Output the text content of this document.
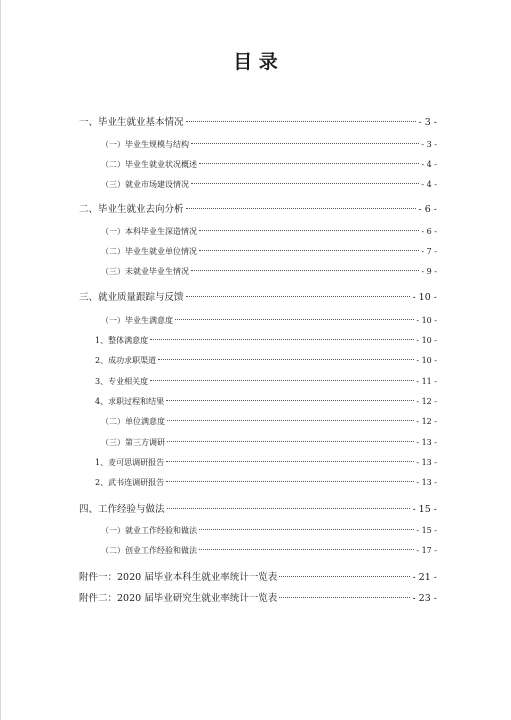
目 录
一、毕业生就业基本情况	- 3 -
（一）毕业生规模与结构	- 3 -
（二）毕业生就业状况概述	- 4 -
（三）就业市场建设情况	- 4 -
二、毕业生就业去向分析	- 6 -
（一）本科毕业生深造情况	- 6 -
（二）毕业生就业单位情况	- 7 -
（三）未就业毕业生情况	- 9 -
三、就业质量跟踪与反馈	- 10 -
（一）毕业生满意度	- 10 -
1、整体满意度	- 10 -
2、成功求职渠道	- 10 -
3、专业相关度	- 11 -
4、求职过程和结果	- 12 -
（二）单位满意度	- 12 -
（三）第三方调研	- 13 -
1、麦可思调研报告	- 13 -
2、武书连调研报告	- 13 -
四、工作经验与做法	- 15 -
（一）就业工作经验和做法	- 15 -
（二）创业工作经验和做法	- 17 -
附件一：2020 届毕业本科生就业率统计一览表	- 21 -
附件二：2020 届毕业研究生就业率统计一览表	- 23 -
